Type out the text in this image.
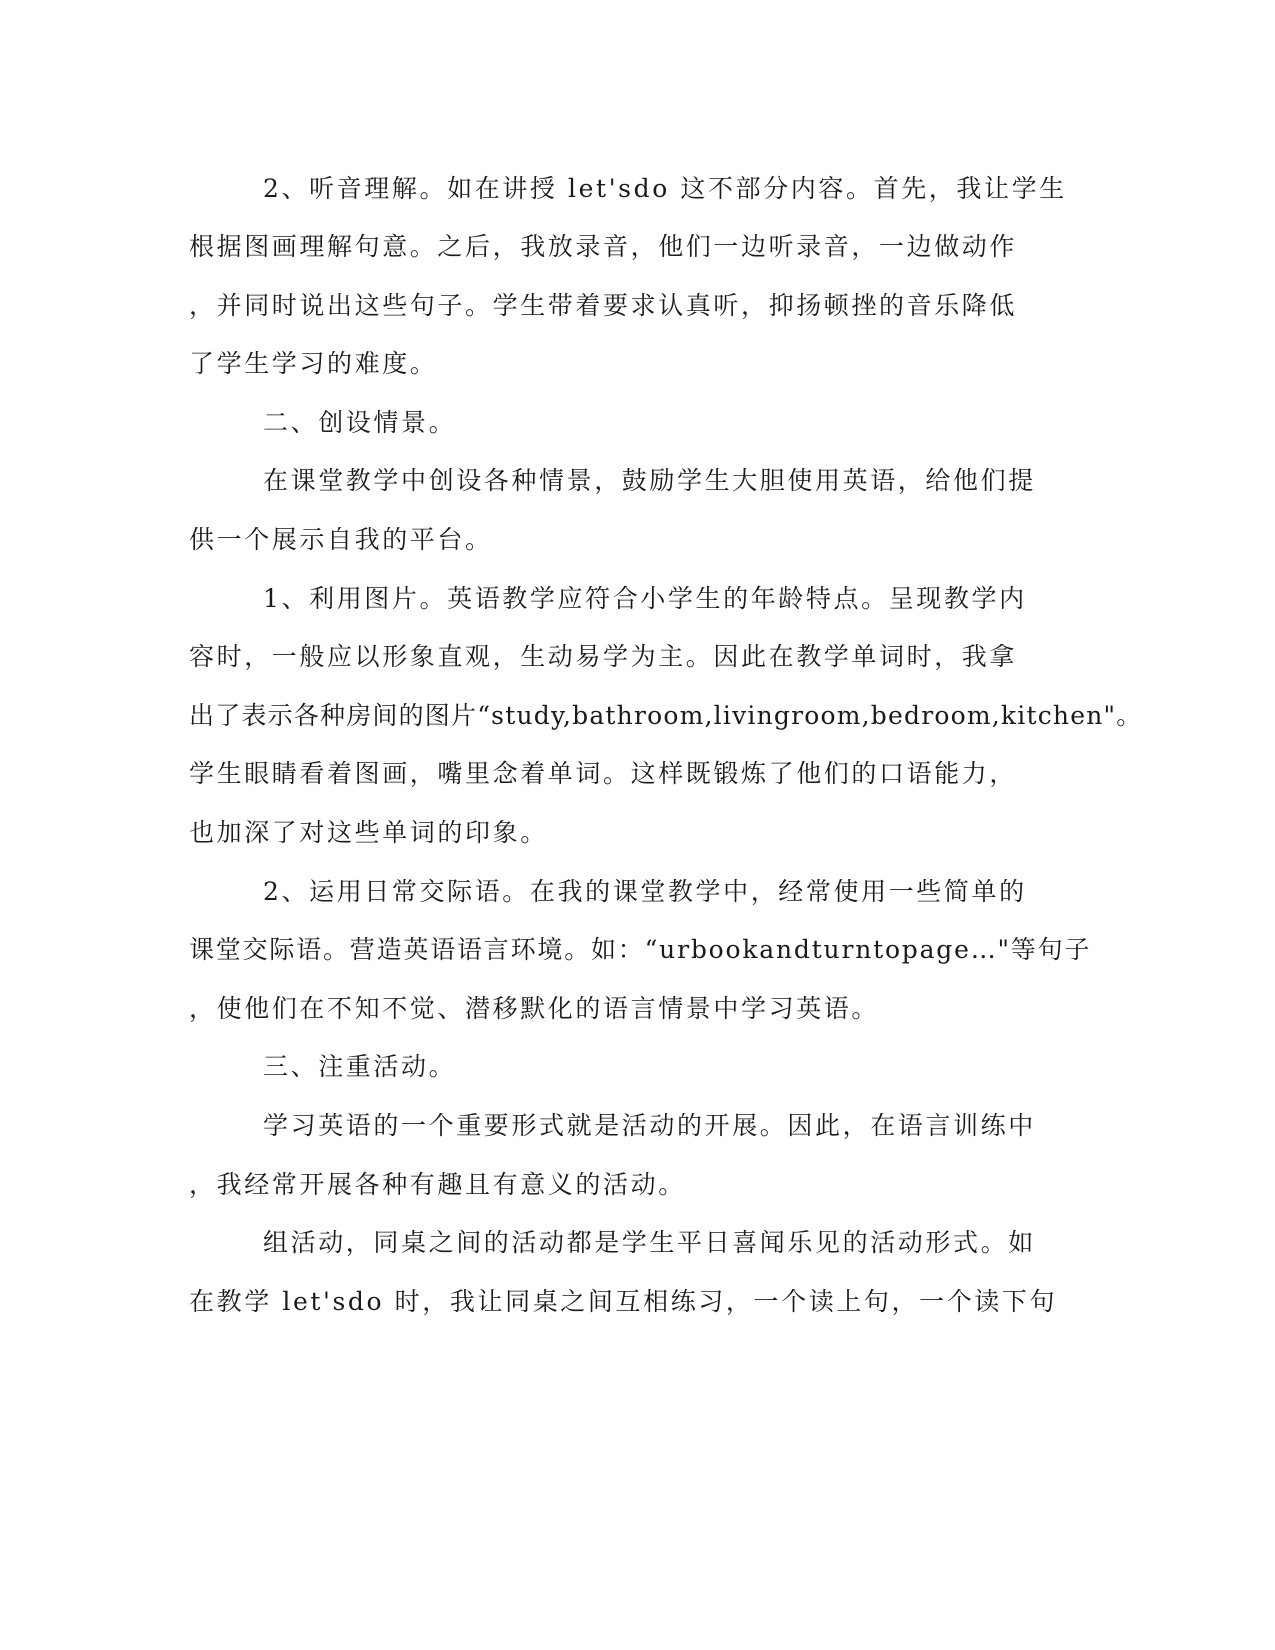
2、听音理解。如在讲授 let'sdo 这不部分内容。首先，我让学生
根据图画理解句意。之后，我放录音，他们一边听录音，一边做动作
，并同时说出这些句子。学生带着要求认真听，抑扬顿挫的音乐降低
了学生学习的难度。
二、创设情景。
在课堂教学中创设各种情景，鼓励学生大胆使用英语，给他们提
供一个展示自我的平台。
1、利用图片。英语教学应符合小学生的年龄特点。呈现教学内
容时，一般应以形象直观，生动易学为主。因此在教学单词时，我拿
出了表示各种房间的图片“study,bathroom,livingroom,bedroom,kitchen"。
学生眼睛看着图画，嘴里念着单词。这样既锻炼了他们的口语能力，
也加深了对这些单词的印象。
2、运用日常交际语。在我的课堂教学中，经常使用一些简单的
课堂交际语。营造英语语言环境。如：“urbookandturntopage…"等句子
，使他们在不知不觉、潜移默化的语言情景中学习英语。
三、注重活动。
学习英语的一个重要形式就是活动的开展。因此，在语言训练中
，我经常开展各种有趣且有意义的活动。
组活动，同桌之间的活动都是学生平日喜闻乐见的活动形式。如
在教学 let'sdo 时，我让同桌之间互相练习，一个读上句，一个读下句
